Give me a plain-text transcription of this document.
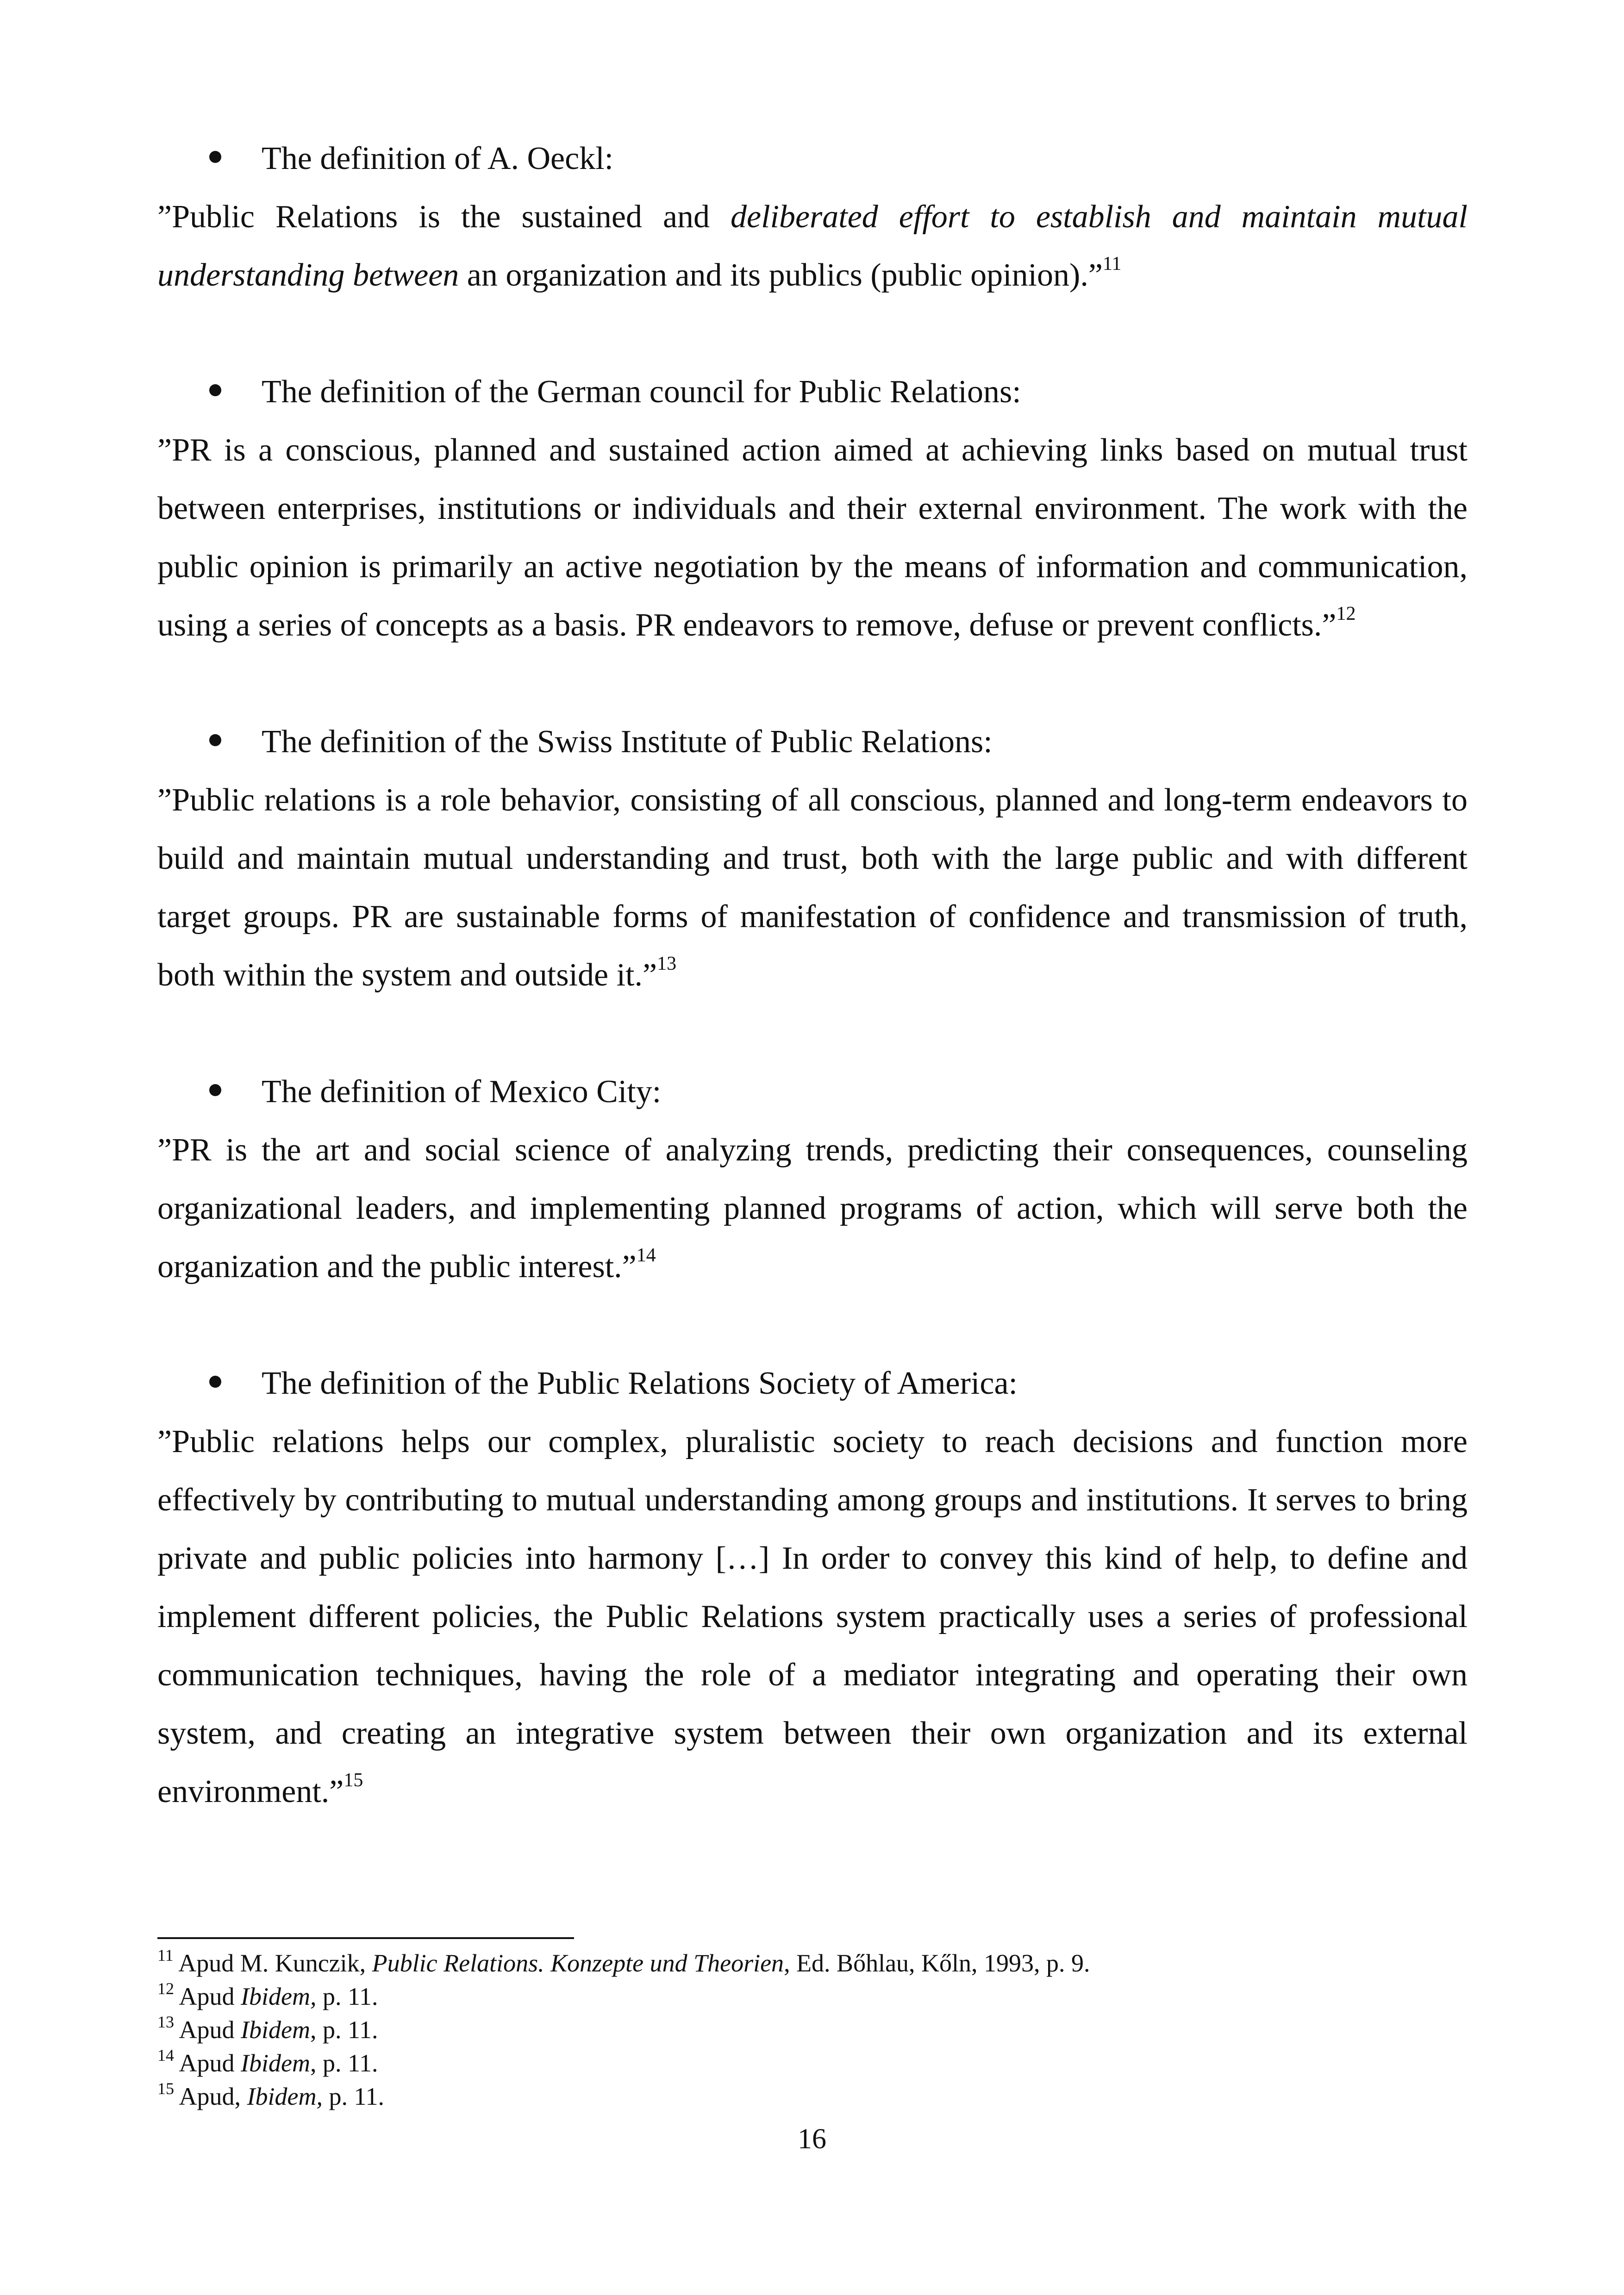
The definition of A. Oeckl:
”Public Relations is the sustained and deliberated effort to establish and maintain mutual understanding between an organization and its publics (public opinion).”$^{11}$
The definition of the German council for Public Relations:
”PR is a conscious, planned and sustained action aimed at achieving links based on mutual trust between enterprises, institutions or individuals and their external environment. The work with the public opinion is primarily an active negotiation by the means of information and communication, using a series of concepts as a basis. PR endeavors to remove, defuse or prevent conflicts.”$^{12}$
The definition of the Swiss Institute of Public Relations:
”Public relations is a role behavior, consisting of all conscious, planned and long-term endeavors to build and maintain mutual understanding and trust, both with the large public and with different target groups. PR are sustainable forms of manifestation of confidence and transmission of truth, both within the system and outside it.”$^{13}$
The definition of Mexico City:
”PR is the art and social science of analyzing trends, predicting their consequences, counseling organizational leaders, and implementing planned programs of action, which will serve both the organization and the public interest.”$^{14}$
The definition of the Public Relations Society of America:
”Public relations helps our complex, pluralistic society to reach decisions and function more effectively by contributing to mutual understanding among groups and institutions. It serves to bring private and public policies into harmony […] In order to convey this kind of help, to define and implement different policies, the Public Relations system practically uses a series of professional communication techniques, having the role of a mediator integrating and operating their own system, and creating an integrative system between their own organization and its external environment.”$^{15}$
$^{11}$ Apud M. Kunczik, Public Relations. Konzepte und Theorien, Ed. Bőhlau, Kőln, 1993, p. 9.
$^{12}$ Apud Ibidem, p. 11.
$^{13}$ Apud Ibidem, p. 11.
$^{14}$ Apud Ibidem, p. 11.
$^{15}$ Apud, Ibidem, p. 11.
16
